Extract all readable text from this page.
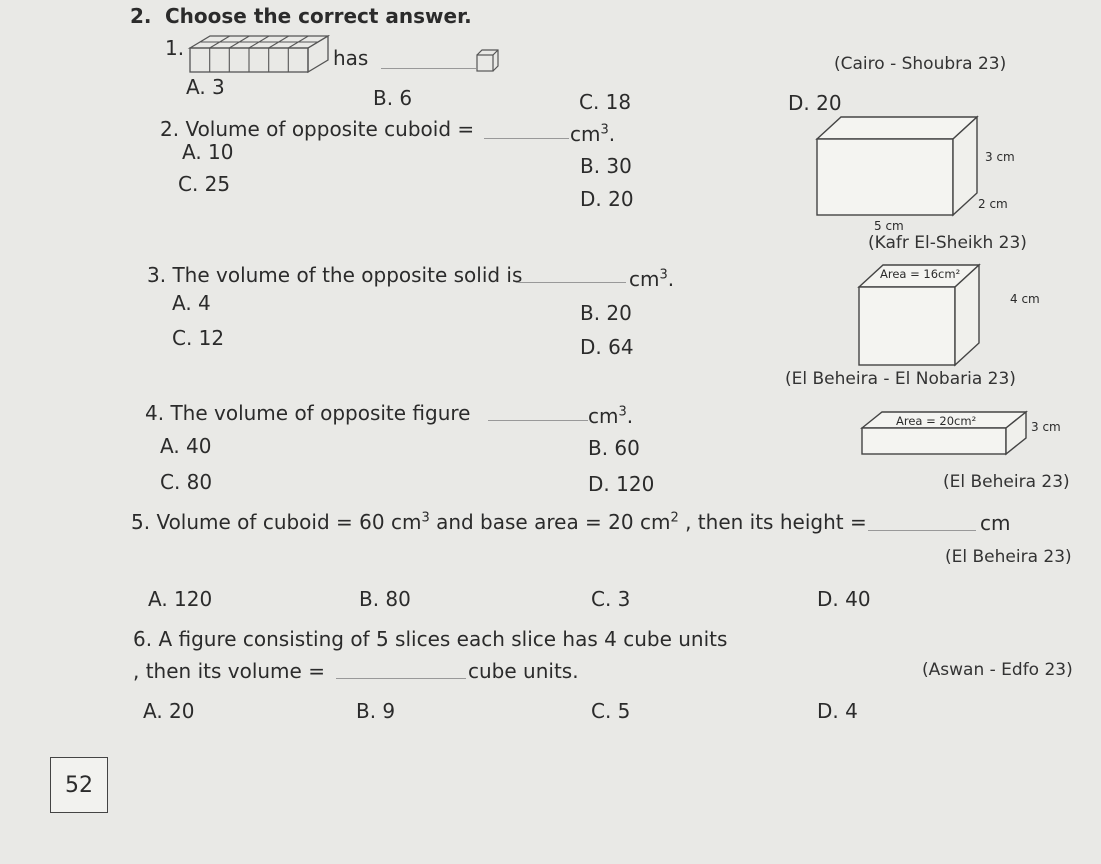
2. Choose the correct answer.
1.	has	(Cairo - Shoubra 23)
A. 3	B. 6	C. 18	D. 20
2. Volume of opposite cuboid =	$cm^3$.
A. 10
B. 30
C. 25
D. 20
3 cm
2 cm
5 cm
(Kafr El-Sheikh 23)
3. The volume of the opposite solid is	$cm^3$.
A. 4	B. 20
C. 12	D. 64
Area = 16cm²
4 cm
(El Beheira - El Nobaria 23)
4. The volume of opposite figure	$cm^3$.
A. 40	B. 60
C. 80	D. 120
Area = 20cm²	3 cm
(El Beheira 23)
5. Volume of cuboid = 60 $cm^3$ and base area = 20 $cm^2$ , then its height =	cm
(El Beheira 23)
A. 120	B. 80	C. 3	D. 40
6. A figure consisting of 5 slices each slice has 4 cube units
, then its volume =	cube units.	(Aswan - Edfo 23)
A. 20	B. 9	C. 5	D. 4
52
